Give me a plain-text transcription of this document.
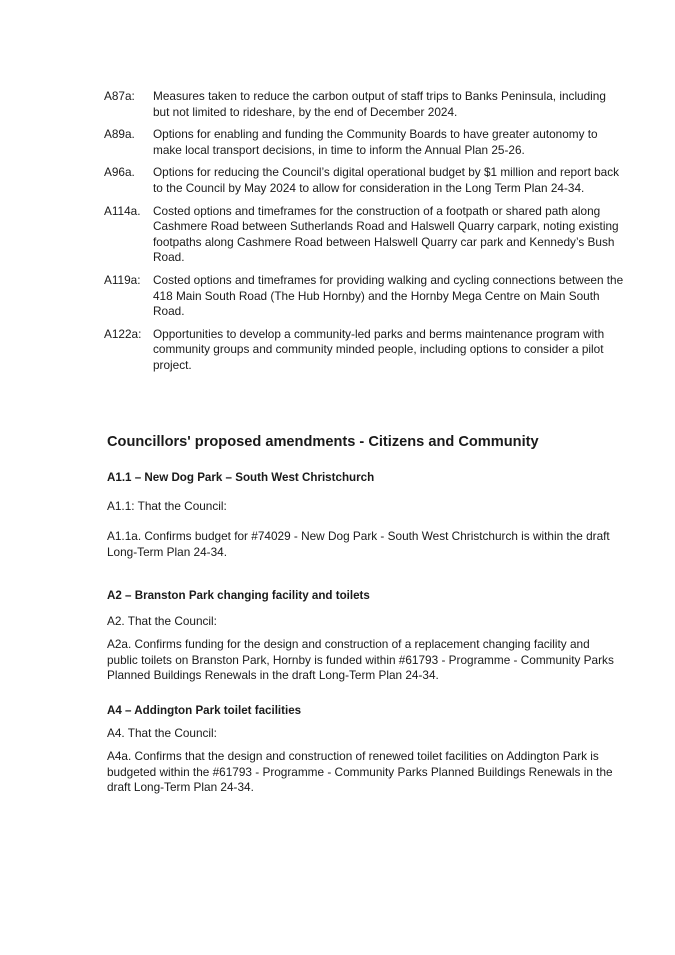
A87a:	Measures taken to reduce the carbon output of staff trips to Banks Peninsula, including but not limited to rideshare, by the end of December 2024.
A89a.	Options for enabling and funding the Community Boards to have greater autonomy to make local transport decisions, in time to inform the Annual Plan 25-26.
A96a.	Options for reducing the Council’s digital operational budget by $1 million and report back to the Council by May 2024 to allow for consideration in the Long Term Plan 24-34.
A114a.	Costed options and timeframes for the construction of a footpath or shared path along Cashmere Road between Sutherlands Road and Halswell Quarry carpark, noting existing footpaths along Cashmere Road between Halswell Quarry car park and Kennedy’s Bush Road.
A119a:	Costed options and timeframes for providing walking and cycling connections between the 418 Main South Road (The Hub Hornby) and the Hornby Mega Centre on Main South Road.
A122a: Opportunities to develop a community-led parks and berms maintenance program with community groups and community minded people, including options to consider a pilot project.
Councillors' proposed amendments - Citizens and Community
A1.1 – New Dog Park – South West Christchurch

A1.1: That the Council:

A1.1a. Confirms budget for #74029 - New Dog Park - South West Christchurch is within the draft Long-Term Plan 24-34.

A2 – Branston Park changing facility and toilets

A2. That the Council:

A2a. Confirms funding for the design and construction of a replacement changing facility and public toilets on Branston Park, Hornby is funded within #61793 - Programme - Community Parks Planned Buildings Renewals in the draft Long-Term Plan 24-34.

A4 – Addington Park toilet facilities

A4. That the Council:

A4a. Confirms that the design and construction of renewed toilet facilities on Addington Park is budgeted within the #61793 - Programme - Community Parks Planned Buildings Renewals in the draft Long-Term Plan 24-34.
